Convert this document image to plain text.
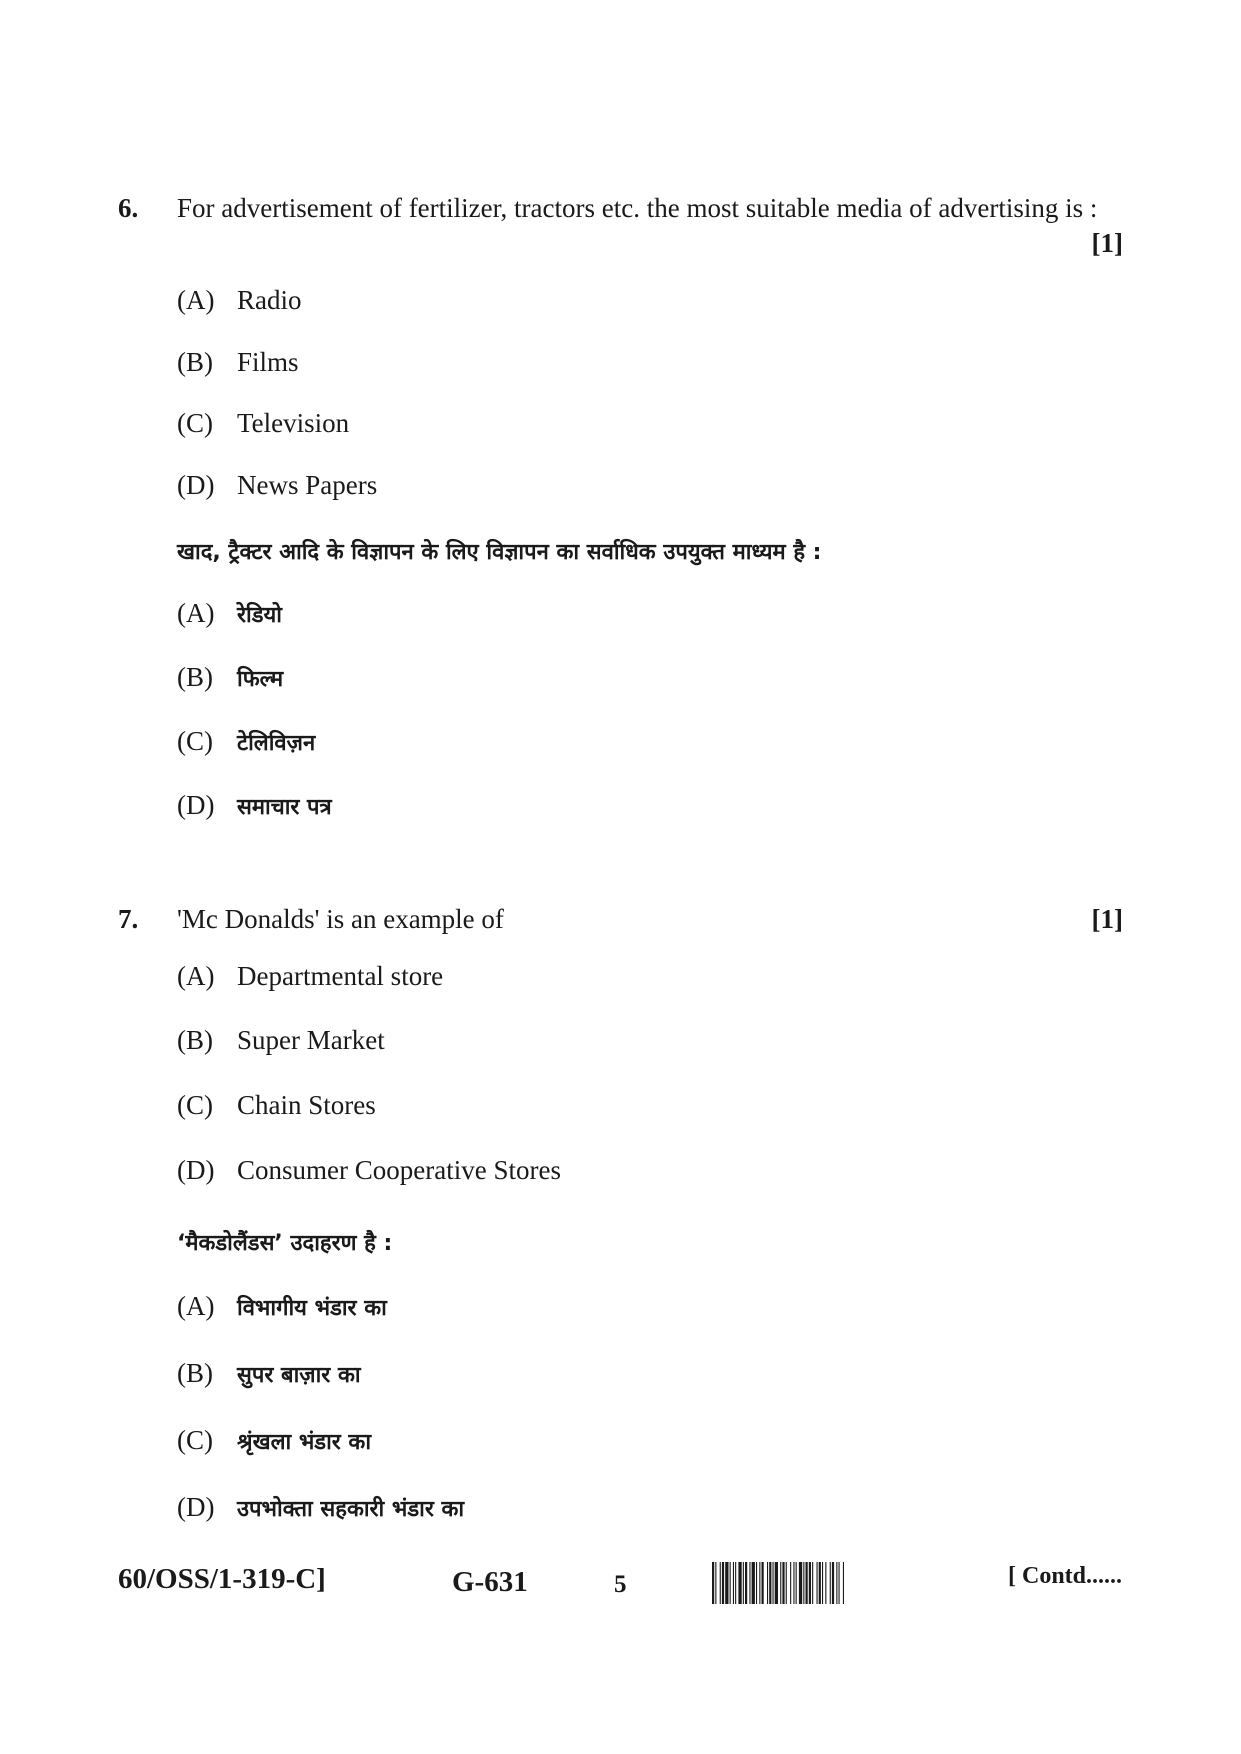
6. For advertisement of fertilizer, tractors etc. the most suitable media of advertising is :
[1]
(A) Radio
(B) Films
(C) Television
(D) News Papers
खाद, ट्रैक्टर आदि के विज्ञापन के लिए विज्ञापन का सर्वाधिक उपयुक्त माध्यम है :
(A) रेडियो
(B) फिल्म
(C) टेलिविज़न
(D) समाचार पत्र
7. 'Mc Donalds' is an example of	[1]
(A) Departmental store
(B) Super Market
(C) Chain Stores
(D) Consumer Cooperative Stores
‘मैकडोलैंडस’ उदाहरण है :
(A) विभागीय भंडार का
(B) सुपर बाज़ार का
(C) श्रृंखला भंडार का
(D) उपभोक्ता सहकारी भंडार का
60/OSS/1-319-C]	G-631	5	[ Contd......
